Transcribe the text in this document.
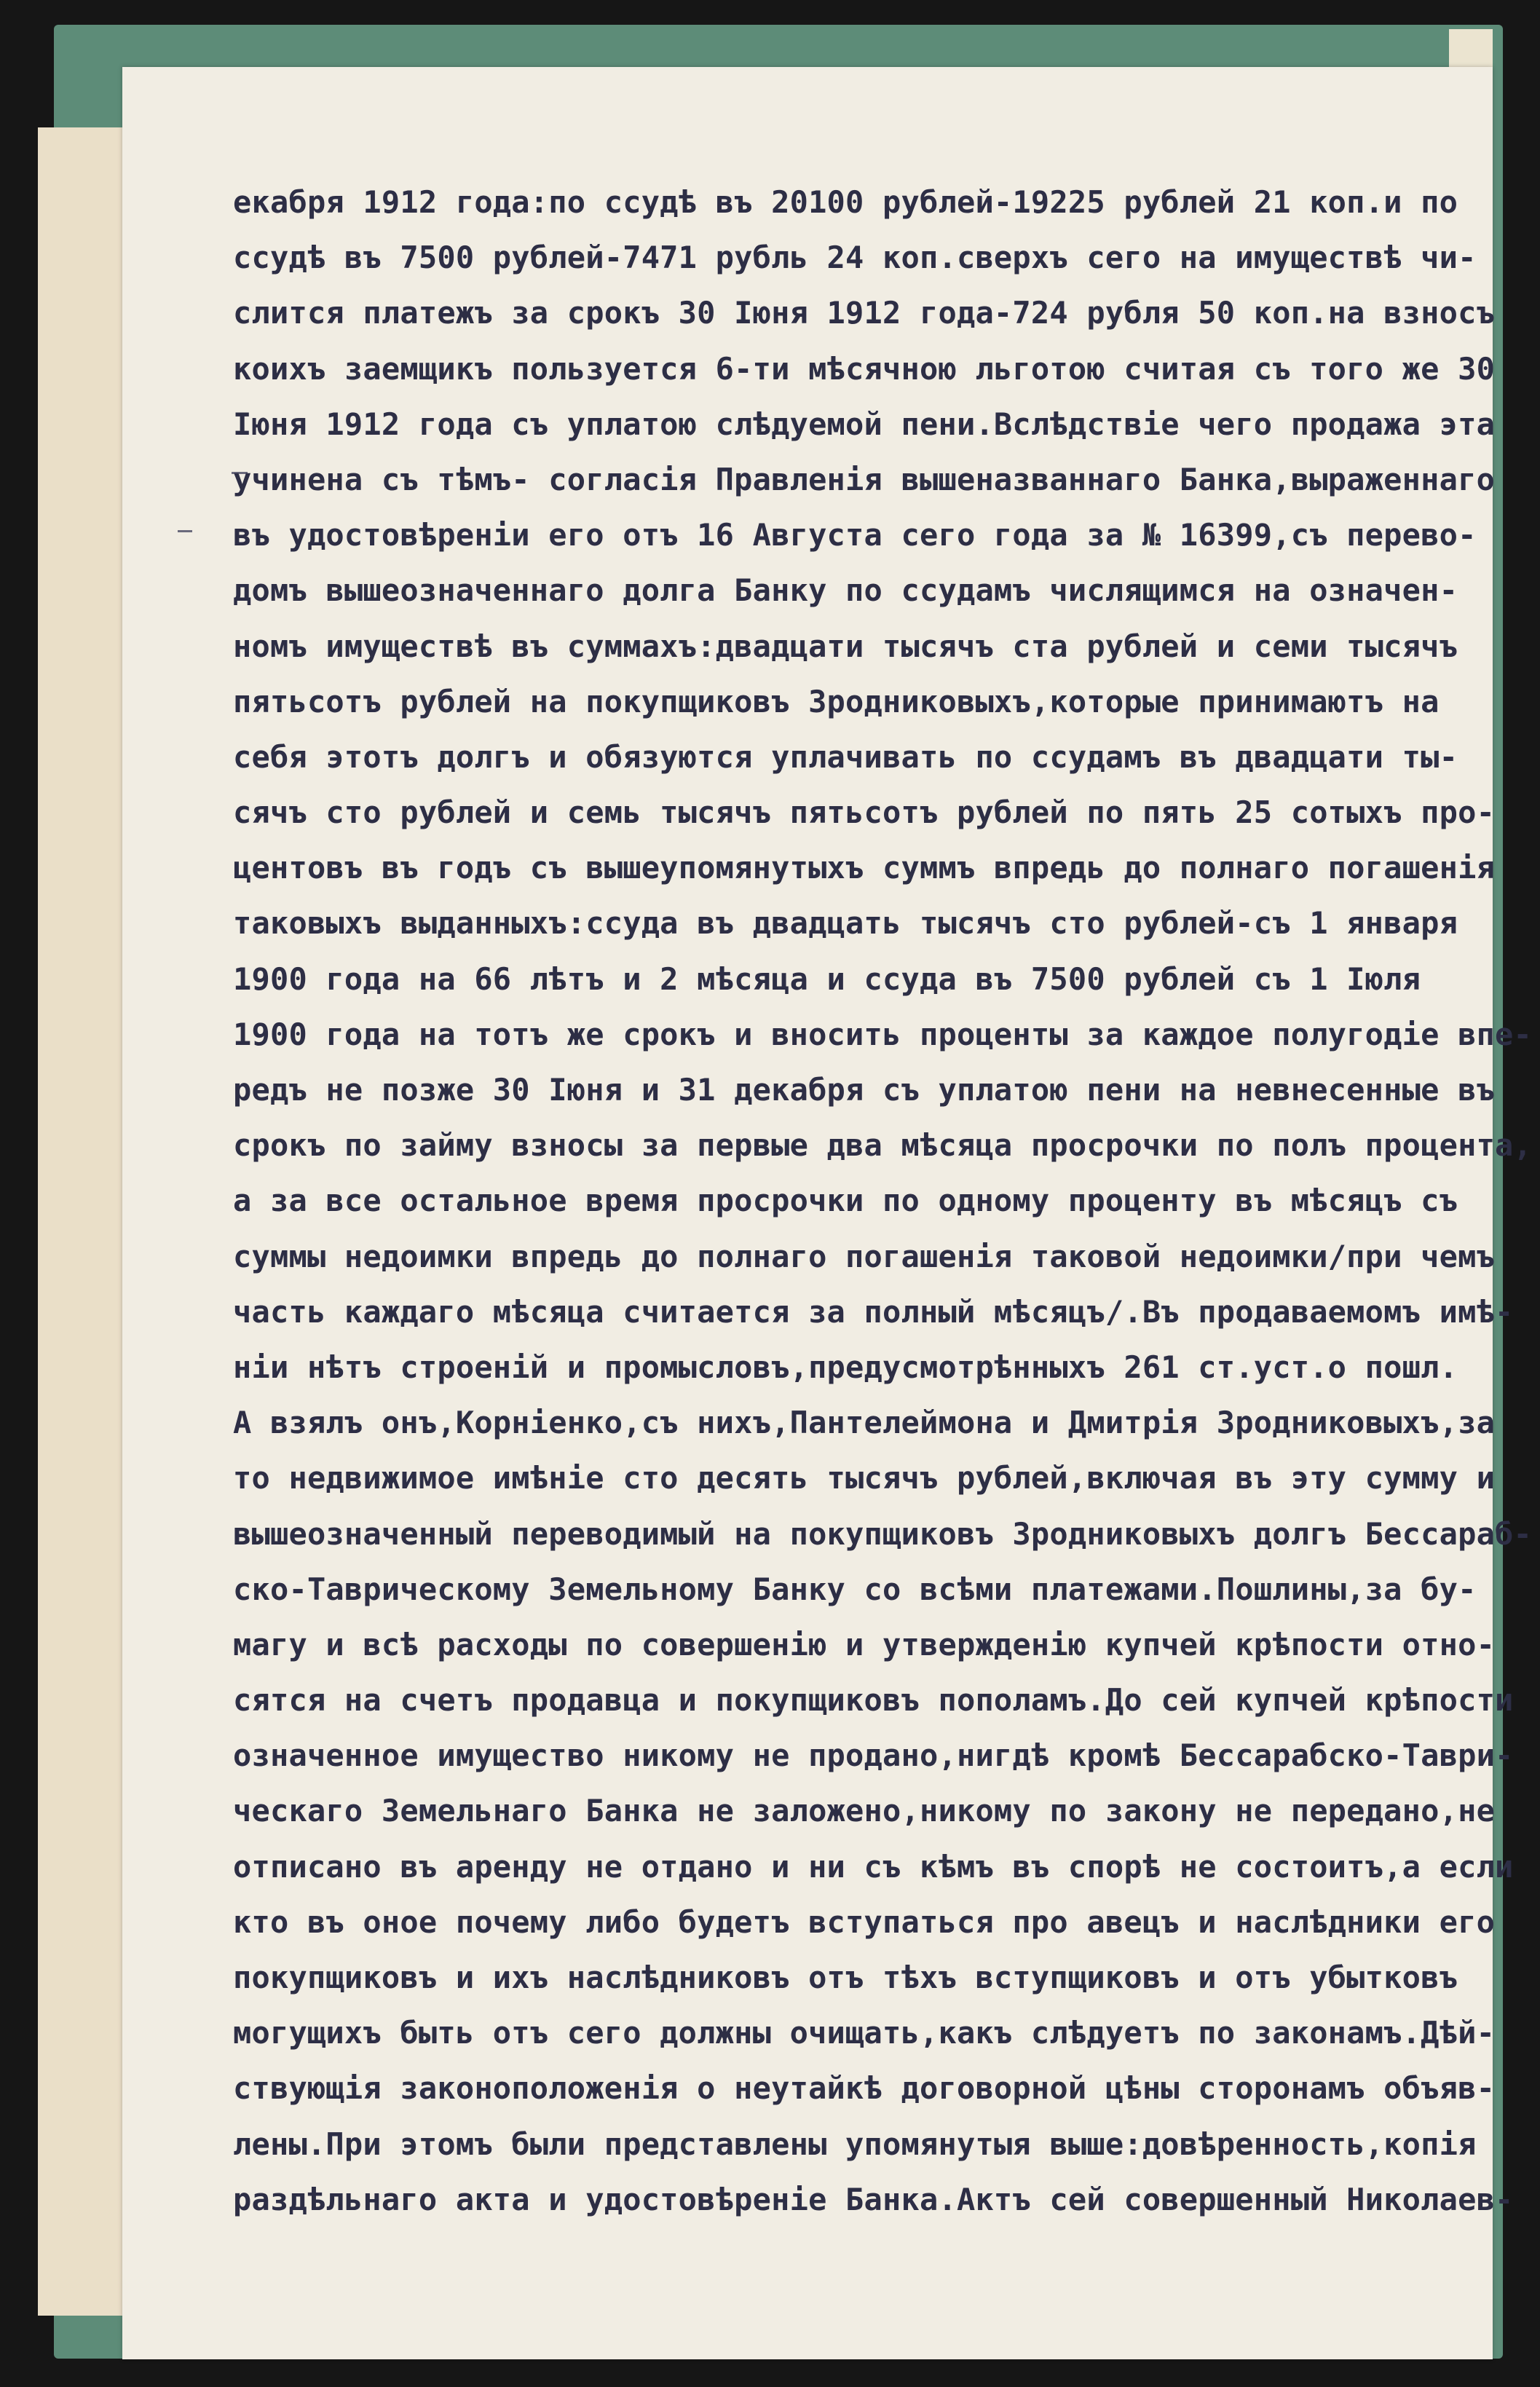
екабря 1912 года:по ссудѣ въ 20100 рублей-19225 рублей 21 коп.и по
ссудѣ въ 7500 рублей-7471 рубль 24 коп.сверхъ сего на имуществѣ чи-
слится платежъ за срокъ 30 Іюня 1912 года-724 рубля 50 коп.на взносъ
коихъ заемщикъ пользуется 6-ти мѣсячною льготою считая съ того же 30
Іюня 1912 года съ уплатою слѣдуемой пени.Вслѣдствіе чего продажа эта
учинена съ тѣмъ- согласія Правленія вышеназваннаго Банка,выраженнаго
въ удостовѣреніи его отъ 16 Августа сего года за № 16399,съ перево-
домъ вышеозначеннаго долга Банку по ссудамъ числящимся на означен-
номъ имуществѣ въ суммахъ:двадцати тысячъ ста рублей и семи тысячъ
пятьсотъ рублей на покупщиковъ Зродниковыхъ,которые принимаютъ на
себя этотъ долгъ и обязуются уплачивать по ссудамъ въ двадцати ты-
сячъ сто рублей и семь тысячъ пятьсотъ рублей по пять 25 сотыхъ про-
центовъ въ годъ съ вышеупомянутыхъ суммъ впредь до полнаго погашенія
таковыхъ выданныхъ:ссуда въ двадцать тысячъ сто рублей-съ 1 января
1900 года на 66 лѣтъ и 2 мѣсяца и ссуда въ 7500 рублей съ 1 Іюля
1900 года на тотъ же срокъ и вносить проценты за каждое полугодіе впе-
редъ не позже 30 Іюня и 31 декабря съ уплатою пени на невнесенные въ
срокъ по займу взносы за первые два мѣсяца просрочки по полъ процента,
а за все остальное время просрочки по одному проценту въ мѣсяцъ съ
суммы недоимки впредь до полнаго погашенія таковой недоимки/при чемъ
часть каждаго мѣсяца считается за полный мѣсяцъ/.Въ продаваемомъ имѣ-
ніи нѣтъ строеній и промысловъ,предусмотрѣнныхъ 261 ст.уст.о пошл.
А взялъ онъ,Корніенко,съ нихъ,Пантелеймона и Дмитрія Зродниковыхъ,за
то недвижимое имѣніе сто десять тысячъ рублей,включая въ эту сумму и
вышеозначенный переводимый на покупщиковъ Зродниковыхъ долгъ Бессараб-
ско-Таврическому Земельному Банку со всѣми платежами.Пошлины,за бу-
магу и всѣ расходы по совершенію и утвержденію купчей крѣпости отно-
сятся на счетъ продавца и покупщиковъ пополамъ.До сей купчей крѣпости
означенное имущество никому не продано,нигдѣ кромѣ Бессарабско-Таври-
ческаго Земельнаго Банка не заложено,никому по закону не передано,не
отписано въ аренду не отдано и ни съ кѣмъ въ спорѣ не состоитъ,а если
кто въ оное почему либо будетъ вступаться про авецъ и наслѣдники его
покупщиковъ и ихъ наслѣдниковъ отъ тѣхъ вступщиковъ и отъ убытковъ
могущихъ быть отъ сего должны очищать,какъ слѣдуетъ по законамъ.Дѣй-
ствующія законоположенія о неутайкѣ договорной цѣны сторонамъ объяв-
лены.При этомъ были представлены упомянутыя выше:довѣренность,копія
раздѣльнаго акта и удостовѣреніе Банка.Актъ сей совершенный Николаев-
